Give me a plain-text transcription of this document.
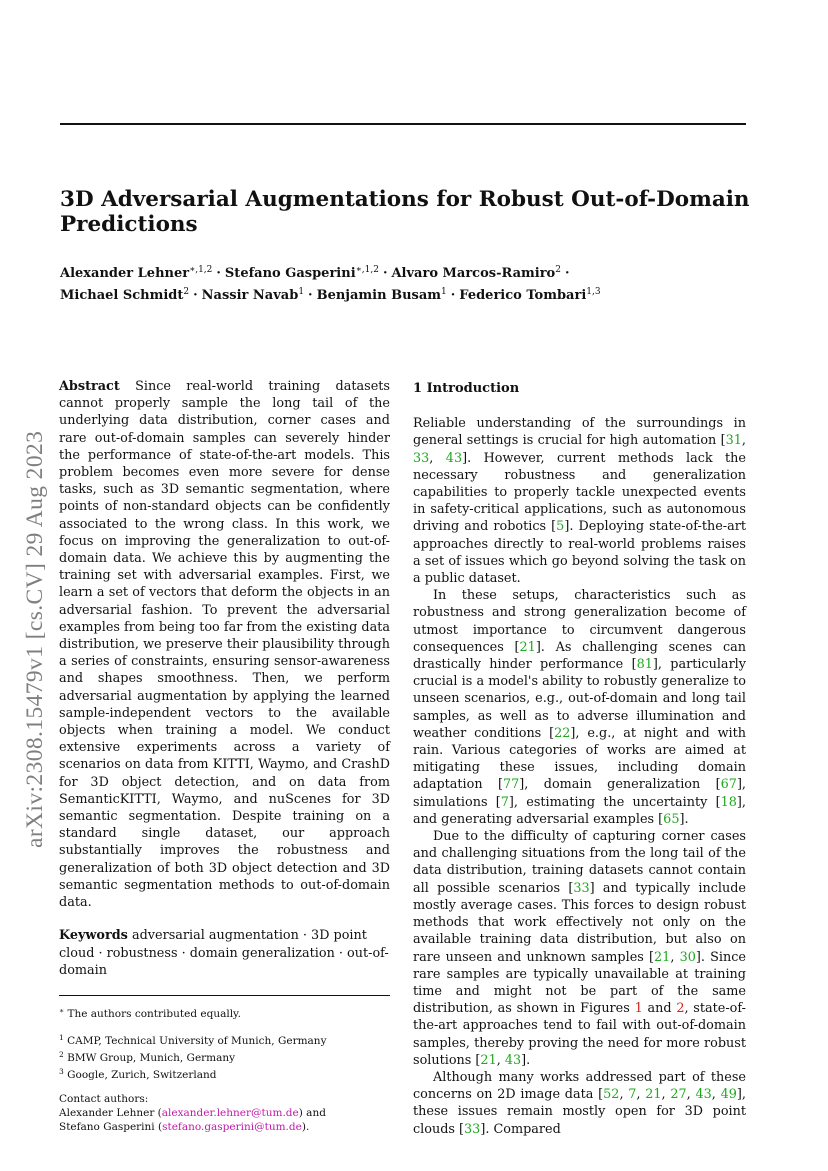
3D Adversarial Augmentations for Robust Out-of-Domain Predictions
Alexander Lehner$^{∗,1,2}$ · Stefano Gasperini$^{∗,1,2}$ · Alvaro Marcos-Ramiro$^2$ ·
Michael Schmidt$^2$ · Nassir Navab$^1$ · Benjamin Busam$^1$ · Federico Tombari$^{1,3}$
arXiv:2308.15479v1 [cs.CV] 29 Aug 2023

Abstract Since real-world training datasets cannot properly sample the long tail of the underlying data distribution, corner cases and rare out-of-domain samples can severely hinder the performance of state-of-the-art models. This problem becomes even more severe for dense tasks, such as 3D semantic segmentation, where points of non-standard objects can be confidently associated to the wrong class. In this work, we focus on improving the generalization to out-of-domain data. We achieve this by augmenting the training set with adversarial examples. First, we learn a set of vectors that deform the objects in an adversarial fashion. To prevent the adversarial examples from being too far from the existing data distribution, we preserve their plausibility through a series of constraints, ensuring sensor-awareness and shapes smoothness. Then, we perform adversarial augmentation by applying the learned sample-independent vectors to the available objects when training a model. We conduct extensive experiments across a variety of scenarios on data from KITTI, Waymo, and CrashD for 3D object detection, and on data from SemanticKITTI, Waymo, and nuScenes for 3D semantic segmentation. Despite training on a standard single dataset, our approach substantially improves the robustness and generalization of both 3D object detection and 3D semantic segmentation methods to out-of-domain data.

Keywords adversarial augmentation · 3D point cloud · robustness · domain generalization · out-of-domain

∗ The authors contributed equally.
$^1$ CAMP, Technical University of Munich, Germany
$^2$ BMW Group, Munich, Germany
$^3$ Google, Zurich, Switzerland
Contact authors:
Alexander Lehner (alexander.lehner@tum.de) and
Stefano Gasperini (stefano.gasperini@tum.de).

1 Introduction

Reliable understanding of the surroundings in general settings is crucial for high automation [31, 33, 43]. However, current methods lack the necessary robustness and generalization capabilities to properly tackle unexpected events in safety-critical applications, such as autonomous driving and robotics [5]. Deploying state-of-the-art approaches directly to real-world problems raises a set of issues which go beyond solving the task on a public dataset.

In these setups, characteristics such as robustness and strong generalization become of utmost importance to circumvent dangerous consequences [21]. As challenging scenes can drastically hinder performance [81], particularly crucial is a model's ability to robustly generalize to unseen scenarios, e.g., out-of-domain and long tail samples, as well as to adverse illumination and weather conditions [22], e.g., at night and with rain. Various categories of works are aimed at mitigating these issues, including domain adaptation [77], domain generalization [67], simulations [7], estimating the uncertainty [18], and generating adversarial examples [65].

Due to the difficulty of capturing corner cases and challenging situations from the long tail of the data distribution, training datasets cannot contain all possible scenarios [33] and typically include mostly average cases. This forces to design robust methods that work effectively not only on the available training data distribution, but also on rare unseen and unknown samples [21, 30]. Since rare samples are typically unavailable at training time and might not be part of the same distribution, as shown in Figures 1 and 2, state-of-the-art approaches tend to fail with out-of-domain samples, thereby proving the need for more robust solutions [21, 43].

Although many works addressed part of these concerns on 2D image data [52, 7, 21, 27, 43, 49], these issues remain mostly open for 3D point clouds [33]. Compared
